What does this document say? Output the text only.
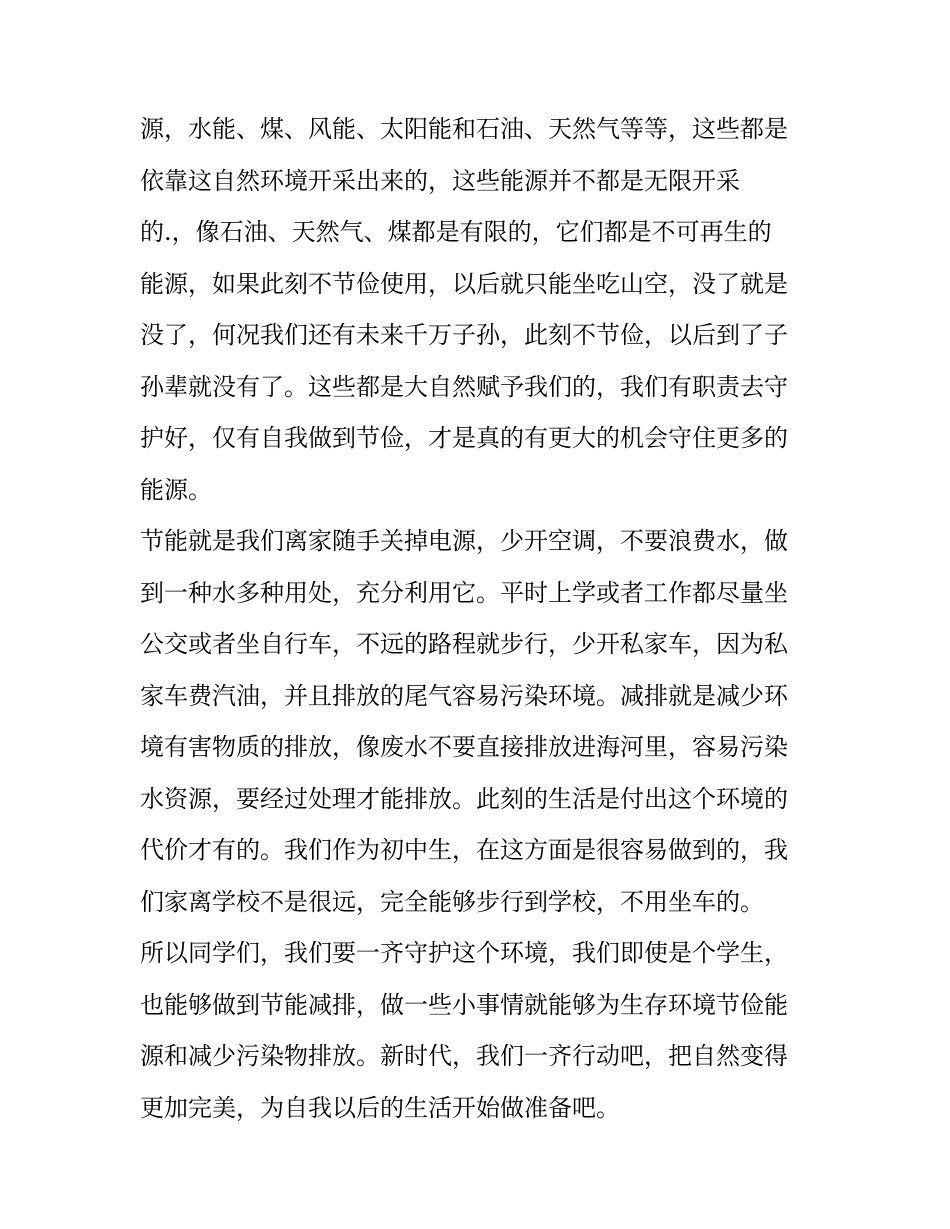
源，水能、煤、风能、太阳能和石油、天然气等等，这些都是
依靠这自然环境开采出来的，这些能源并不都是无限开采
的.，像石油、天然气、煤都是有限的，它们都是不可再生的
能源，如果此刻不节俭使用，以后就只能坐吃山空，没了就是
没了，何况我们还有未来千万子孙，此刻不节俭，以后到了子
孙辈就没有了。这些都是大自然赋予我们的，我们有职责去守
护好，仅有自我做到节俭，才是真的有更大的机会守住更多的
能源。
节能就是我们离家随手关掉电源，少开空调，不要浪费水，做
到一种水多种用处，充分利用它。平时上学或者工作都尽量坐
公交或者坐自行车，不远的路程就步行，少开私家车，因为私
家车费汽油，并且排放的尾气容易污染环境。减排就是减少环
境有害物质的排放，像废水不要直接排放进海河里，容易污染
水资源，要经过处理才能排放。此刻的生活是付出这个环境的
代价才有的。我们作为初中生，在这方面是很容易做到的，我
们家离学校不是很远，完全能够步行到学校，不用坐车的。
所以同学们，我们要一齐守护这个环境，我们即使是个学生，
也能够做到节能减排，做一些小事情就能够为生存环境节俭能
源和减少污染物排放。新时代，我们一齐行动吧，把自然变得
更加完美，为自我以后的生活开始做准备吧。
